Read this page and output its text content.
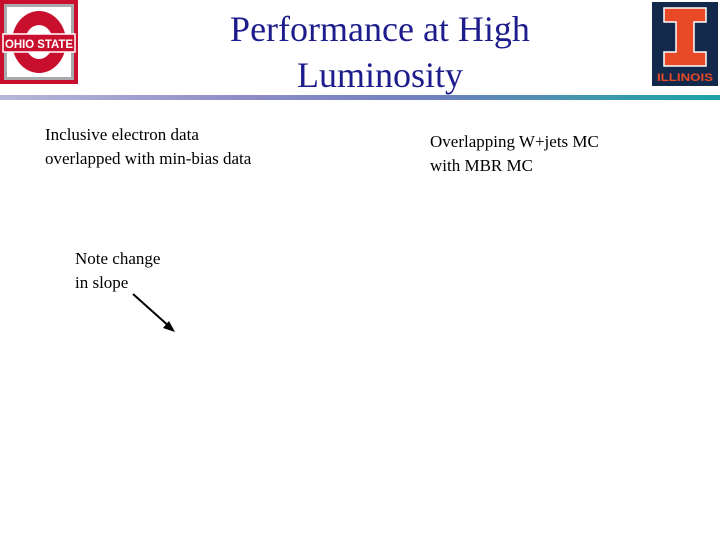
OHIO STATE	Performance at High
Luminosity	ILLINOIS
Inclusive electron data
overlapped with min-bias data
Overlapping W+jets MC
with MBR MC
Note change
in slope
